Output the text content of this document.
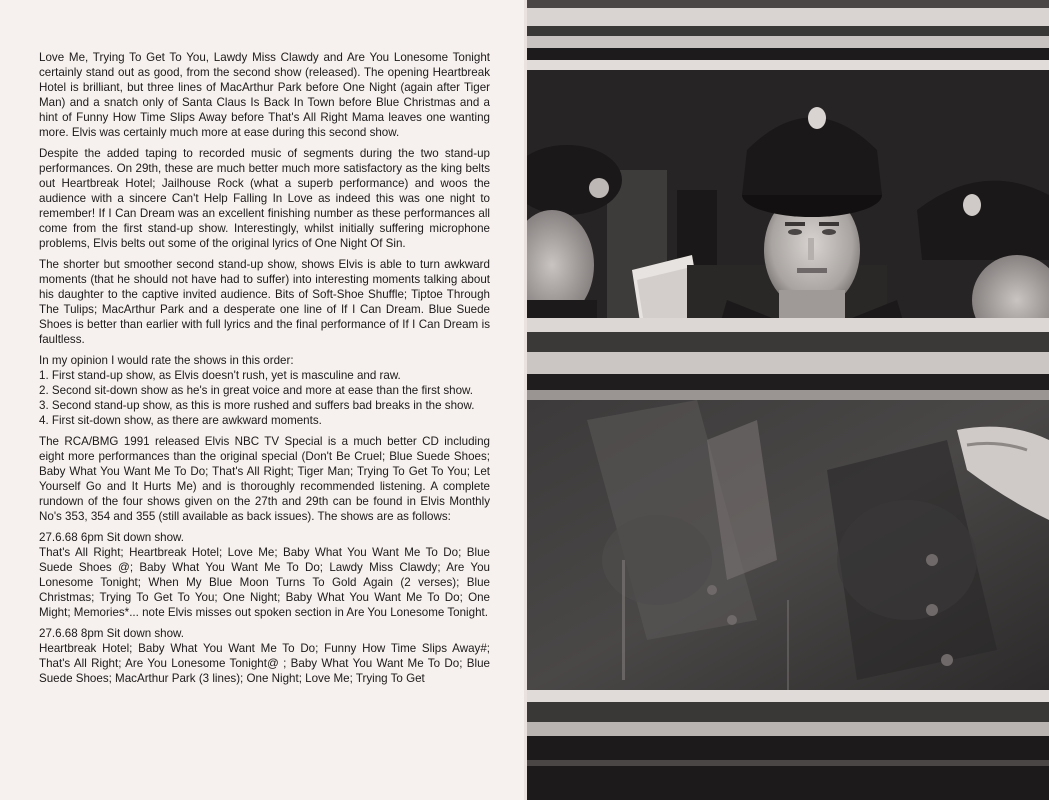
Love Me, Trying To Get To You, Lawdy Miss Clawdy and Are You Lonesome Tonight certainly stand out as good, from the second show (released). The opening Heartbreak Hotel is brilliant, but three lines of MacArthur Park before One Night (again after Tiger Man) and a snatch only of Santa Claus Is Back In Town before Blue Christmas and a hint of Funny How Time Slips Away before That's All Right Mama leaves one wanting more. Elvis was certainly much more at ease during this second show.

Despite the added taping to recorded music of segments during the two stand-up performances. On 29th, these are much better much more satisfactory as the king belts out Heartbreak Hotel; Jailhouse Rock (what a superb performance) and woos the audience with a sincere Can't Help Falling In Love as indeed this was one night to remember! If I Can Dream was an excellent finishing number as these performances all come from the first stand-up show. Interestingly, whilst initially suffering microphone problems, Elvis belts out some of the original lyrics of One Night Of Sin.

The shorter but smoother second stand-up show, shows Elvis is able to turn awkward moments (that he should not have had to suffer) into interesting moments talking about his daughter to the captive invited audience. Bits of Soft-Shoe Shuffle; Tiptoe Through The Tulips; MacArthur Park and a desperate one line of If I Can Dream. Blue Suede Shoes is better than earlier with full lyrics and the final performance of If I Can Dream is faultless.

In my opinion I would rate the shows in this order:

1. First stand-up show, as Elvis doesn't rush, yet is masculine and raw.
2. Second sit-down show as he's in great voice and more at ease than the first show.
3. Second stand-up show, as this is more rushed and suffers bad breaks in the show.
4. First sit-down show, as there are awkward moments.

The RCA/BMG 1991 released Elvis NBC TV Special is a much better CD including eight more performances than the original special (Don't Be Cruel; Blue Suede Shoes; Baby What You Want Me To Do; That's All Right; Tiger Man; Trying To Get To You; Let Yourself Go and It Hurts Me) and is thoroughly recommended listening. A complete rundown of the four shows given on the 27th and 29th can be found in Elvis Monthly No's 353, 354 and 355 (still available as back issues). The shows are as follows:

27.6.68 6pm Sit down show.

That's All Right; Heartbreak Hotel; Love Me; Baby What You Want Me To Do; Blue Suede Shoes @; Baby What You Want Me To Do; Lawdy Miss Clawdy; Are You Lonesome Tonight; When My Blue Moon Turns To Gold Again (2 verses); Blue Christmas; Trying To Get To You; One Night; Baby What You Want Me To Do; One Might; Memories*... note Elvis misses out spoken section in Are You Lonesome Tonight.

27.6.68 8pm Sit down show.

Heartbreak Hotel; Baby What You Want Me To Do; Funny How Time Slips Away#; That's All Right; Are You Lonesome Tonight@ ; Baby What You Want Me To Do; Blue Suede Shoes; MacArthur Park (3 lines); One Night; Love Me; Trying To Get
